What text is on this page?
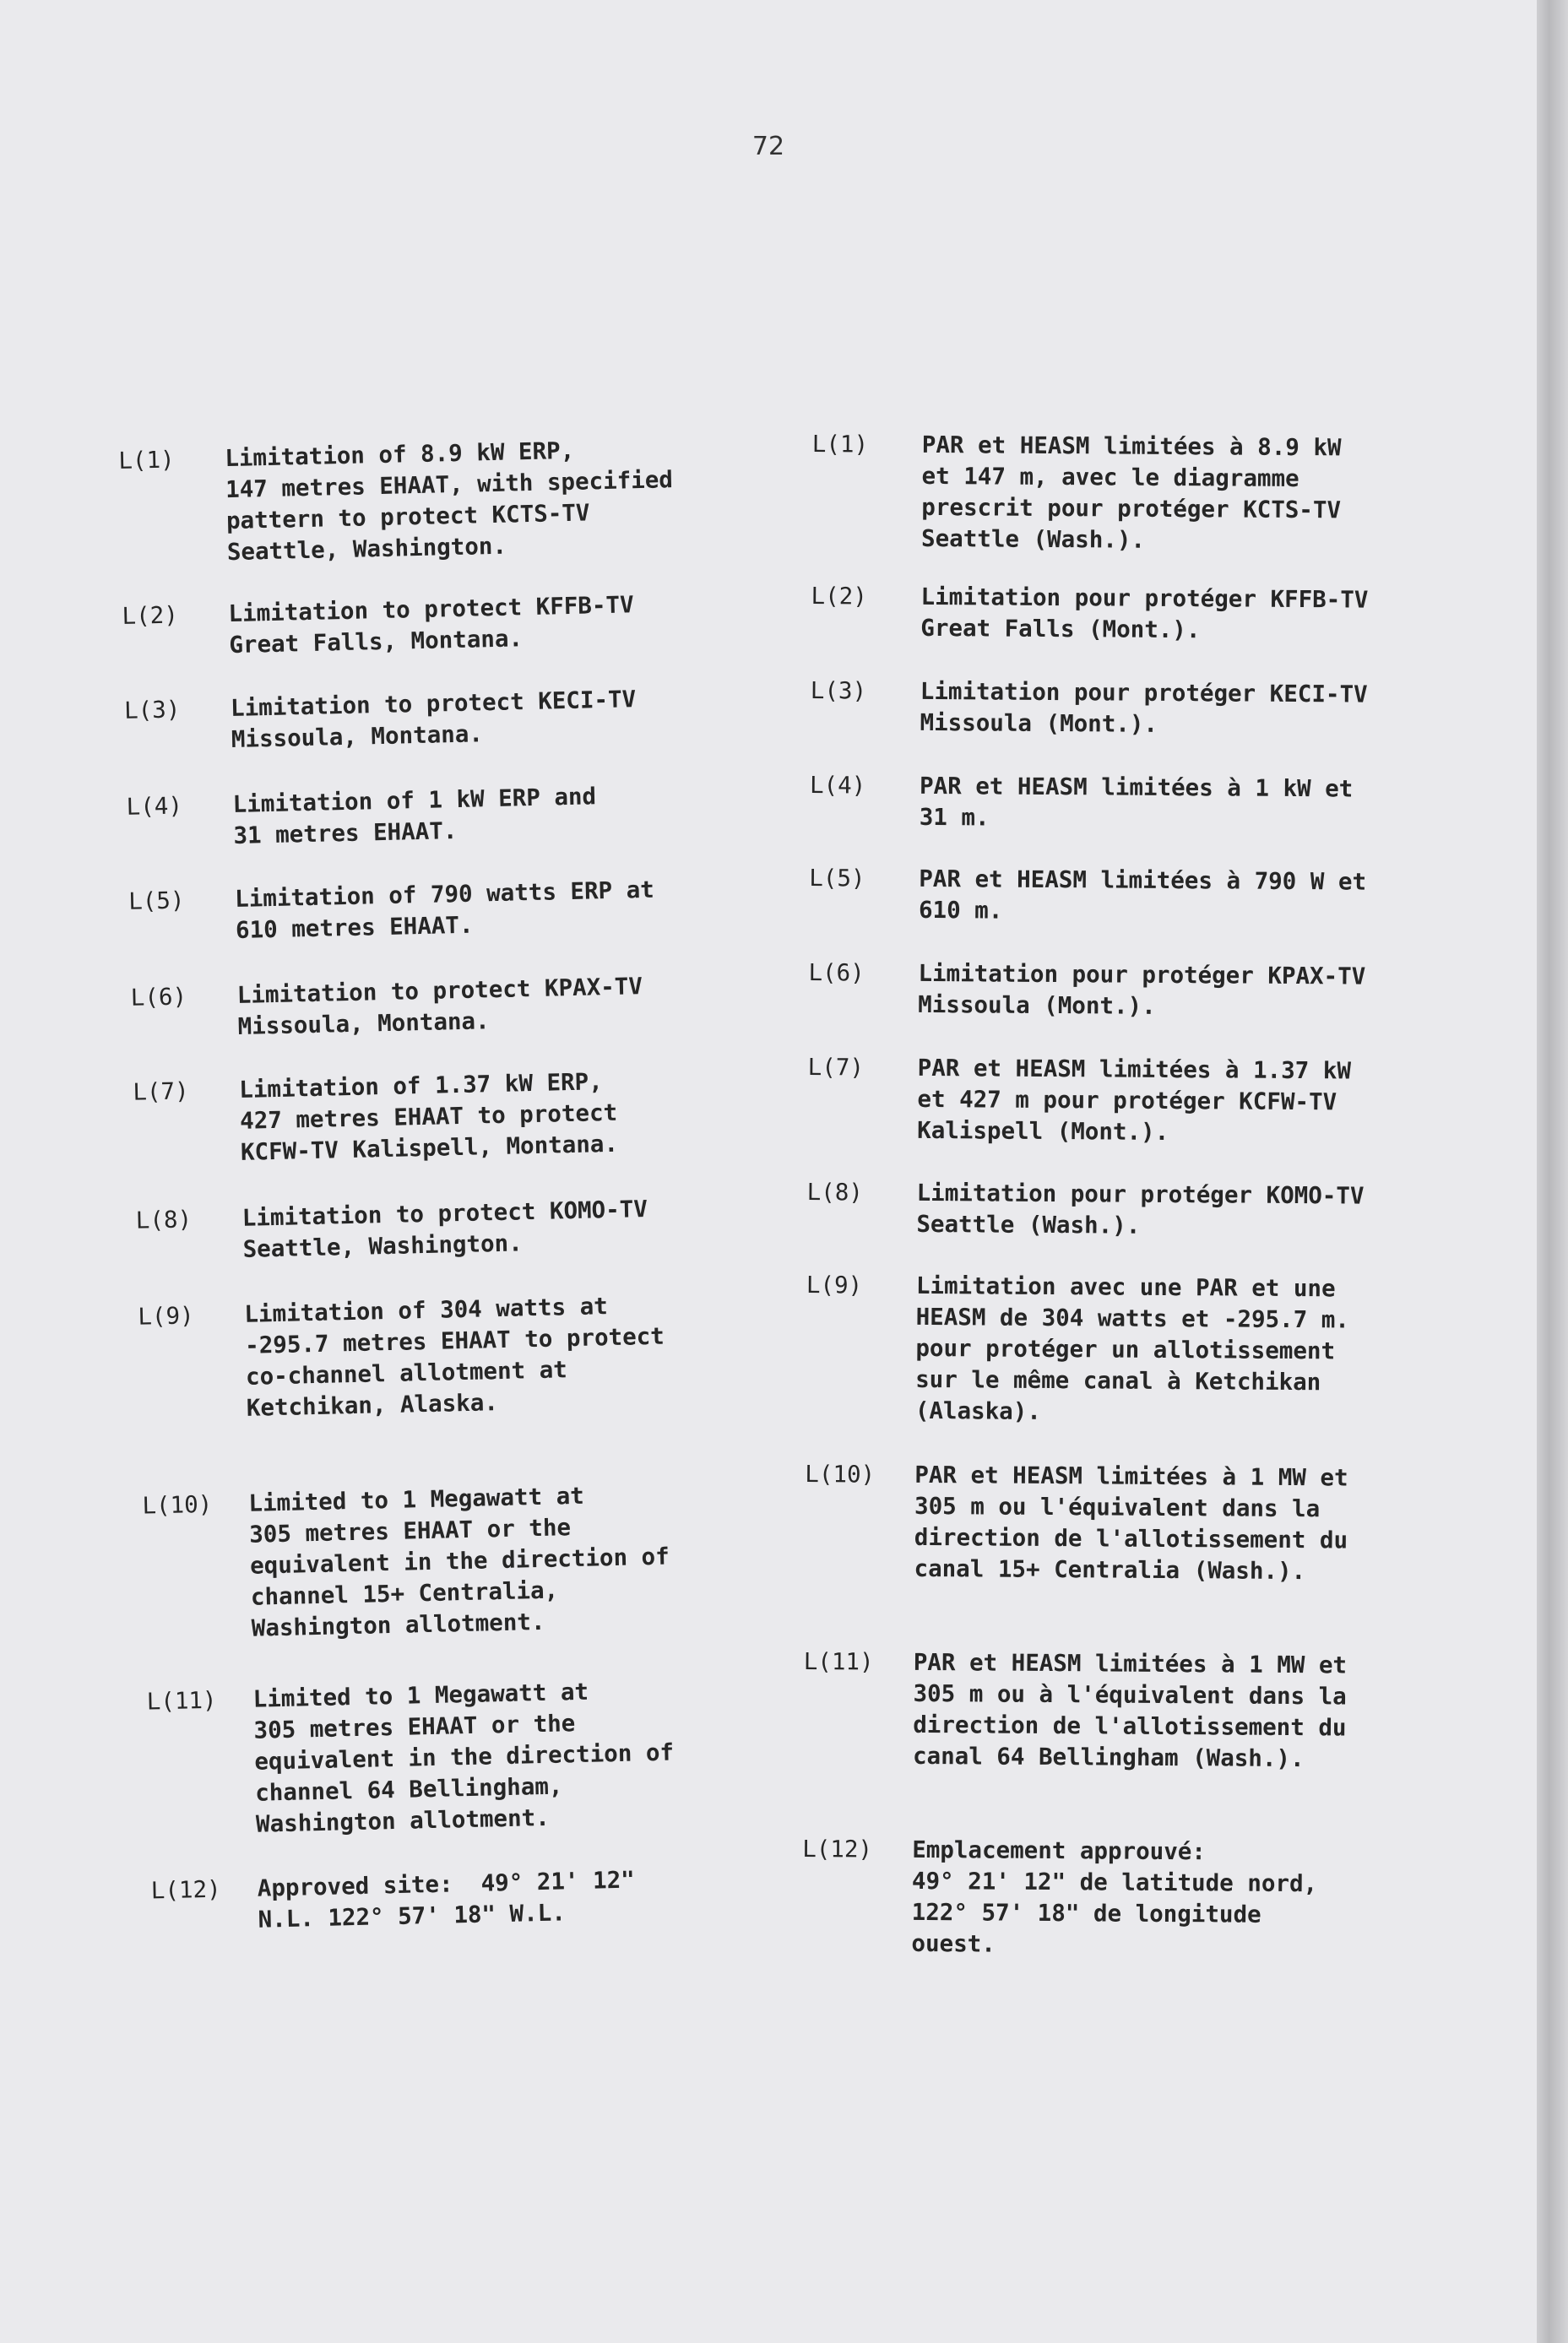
72
L(1)	Limitation of 8.9 kW ERP,
147 metres EHAAT, with specified
pattern to protect KCTS-TV
Seattle, Washington.
L(2)	Limitation to protect KFFB-TV
Great Falls, Montana.
L(3)	Limitation to protect KECI-TV
Missoula, Montana.
L(4)	Limitation of 1 kW ERP and
31 metres EHAAT.
L(5)	Limitation of 790 watts ERP at
610 metres EHAAT.
L(6)	Limitation to protect KPAX-TV
Missoula, Montana.
L(7)	Limitation of 1.37 kW ERP,
427 metres EHAAT to protect
KCFW-TV Kalispell, Montana.
L(8)	Limitation to protect KOMO-TV
Seattle, Washington.
L(9)	Limitation of 304 watts at
-295.7 metres EHAAT to protect
co-channel allotment at
Ketchikan, Alaska.
L(10)	Limited to 1 Megawatt at
305 metres EHAAT or the
equivalent in the direction of
channel 15+ Centralia,
Washington allotment.
L(11)	Limited to 1 Megawatt at
305 metres EHAAT or the
equivalent in the direction of
channel 64 Bellingham,
Washington allotment.
L(12)	Approved site:  49° 21' 12"
N.L. 122° 57' 18" W.L.
L(1)	PAR et HEASM limitées à 8.9 kW
et 147 m, avec le diagramme
prescrit pour protéger KCTS-TV
Seattle (Wash.).
L(2)	Limitation pour protéger KFFB-TV
Great Falls (Mont.).
L(3)	Limitation pour protéger KECI-TV
Missoula (Mont.).
L(4)	PAR et HEASM limitées à 1 kW et
31 m.
L(5)	PAR et HEASM limitées à 790 W et
610 m.
L(6)	Limitation pour protéger KPAX-TV
Missoula (Mont.).
L(7)	PAR et HEASM limitées à 1.37 kW
et 427 m pour protéger KCFW-TV
Kalispell (Mont.).
L(8)	Limitation pour protéger KOMO-TV
Seattle (Wash.).
L(9)	Limitation avec une PAR et une
HEASM de 304 watts et -295.7 m.
pour protéger un allotissement
sur le même canal à Ketchikan
(Alaska).
L(10)	PAR et HEASM limitées à 1 MW et
305 m ou l'équivalent dans la
direction de l'allotissement du
canal 15+ Centralia (Wash.).
L(11)	PAR et HEASM limitées à 1 MW et
305 m ou à l'équivalent dans la
direction de l'allotissement du
canal 64 Bellingham (Wash.).
L(12)	Emplacement approuvé:
49° 21' 12" de latitude nord,
122° 57' 18" de longitude
ouest.
